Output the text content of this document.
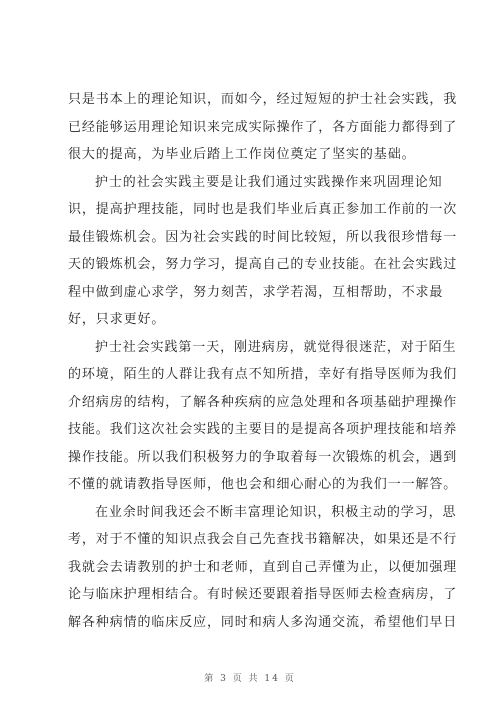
只是书本上的理论知识，而如今，经过短短的护士社会实践，我
已经能够运用理论知识来完成实际操作了，各方面能力都得到了
很大的提高，为毕业后踏上工作岗位奠定了坚实的基础。
护士的社会实践主要是让我们通过实践操作来巩固理论知
识，提高护理技能，同时也是我们毕业后真正参加工作前的一次
最佳锻炼机会。因为社会实践的时间比较短，所以我很珍惜每一
天的锻炼机会，努力学习，提高自己的专业技能。在社会实践过
程中做到虚心求学，努力刻苦，求学若渴，互相帮助，不求最
好，只求更好。
护士社会实践第一天，刚进病房，就觉得很迷茫，对于陌生
的环境，陌生的人群让我有点不知所措，幸好有指导医师为我们
介绍病房的结构，了解各种疾病的应急处理和各项基础护理操作
技能。我们这次社会实践的主要目的是提高各项护理技能和培养
操作技能。所以我们积极努力的争取着每一次锻炼的机会，遇到
不懂的就请教指导医师，他也会和细心耐心的为我们一一解答。
在业余时间我还会不断丰富理论知识，积极主动的学习，思
考，对于不懂的知识点我会自己先查找书籍解决，如果还是不行
我就会去请教别的护士和老师，直到自己弄懂为止，以便加强理
论与临床护理相结合。有时候还要跟着指导医师去检查病房，了
解各种病情的临床反应，同时和病人多沟通交流，希望他们早日
第 3 页 共 14 页
